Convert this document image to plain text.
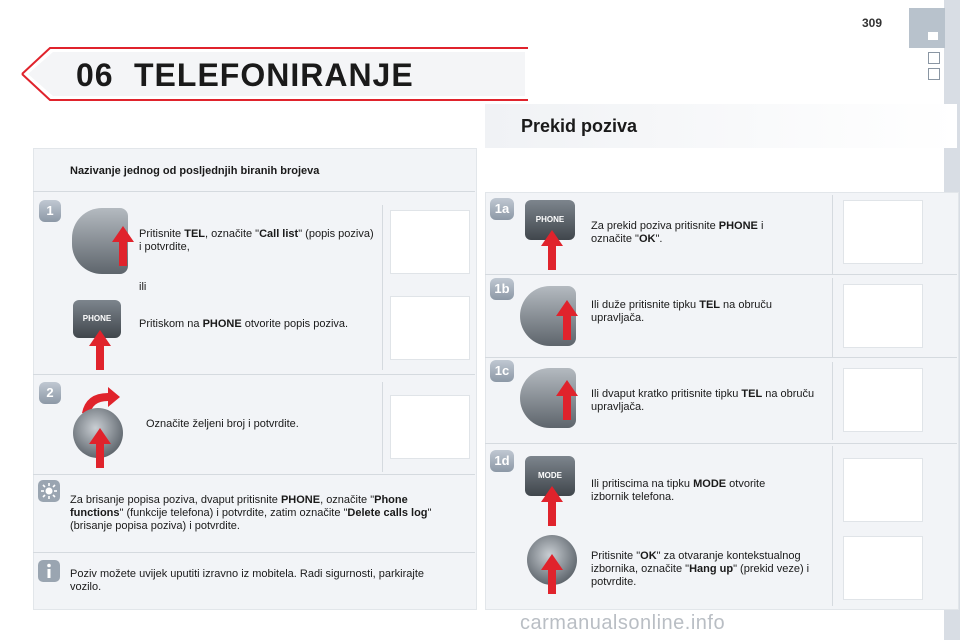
309
06 TELEFONIRANJE
Prekid poziva
Nazivanje jednog od posljednjih biranih brojeva
1
Pritisnite TEL, označite "Call list" (popis poziva) i potvrdite,
ili
PHONE	Pritiskom na PHONE otvorite popis poziva.
2
Označite željeni broj i potvrdite.
Za brisanje popisa poziva, dvaput pritisnite PHONE, označite "Phone functions" (funkcije telefona) i potvrdite, zatim označite "Delete calls log" (brisanje popisa poziva) i potvrdite.
Poziv možete uvijek uputiti izravno iz mobitela. Radi sigurnosti, parkirajte vozilo.
1a
PHONE
Za prekid poziva pritisnite PHONE i označite "OK".
1b
Ili duže pritisnite tipku TEL na obruču upravljača.
1c
Ili dvaput kratko pritisnite tipku TEL na obruču upravljača.
1d
MODE
Ili pritiscima na tipku MODE otvorite izbornik telefona.
Pritisnite "OK" za otvaranje kontekstualnog izbornika, označite "Hang up" (prekid veze) i potvrdite.
carmanualsonline.info
